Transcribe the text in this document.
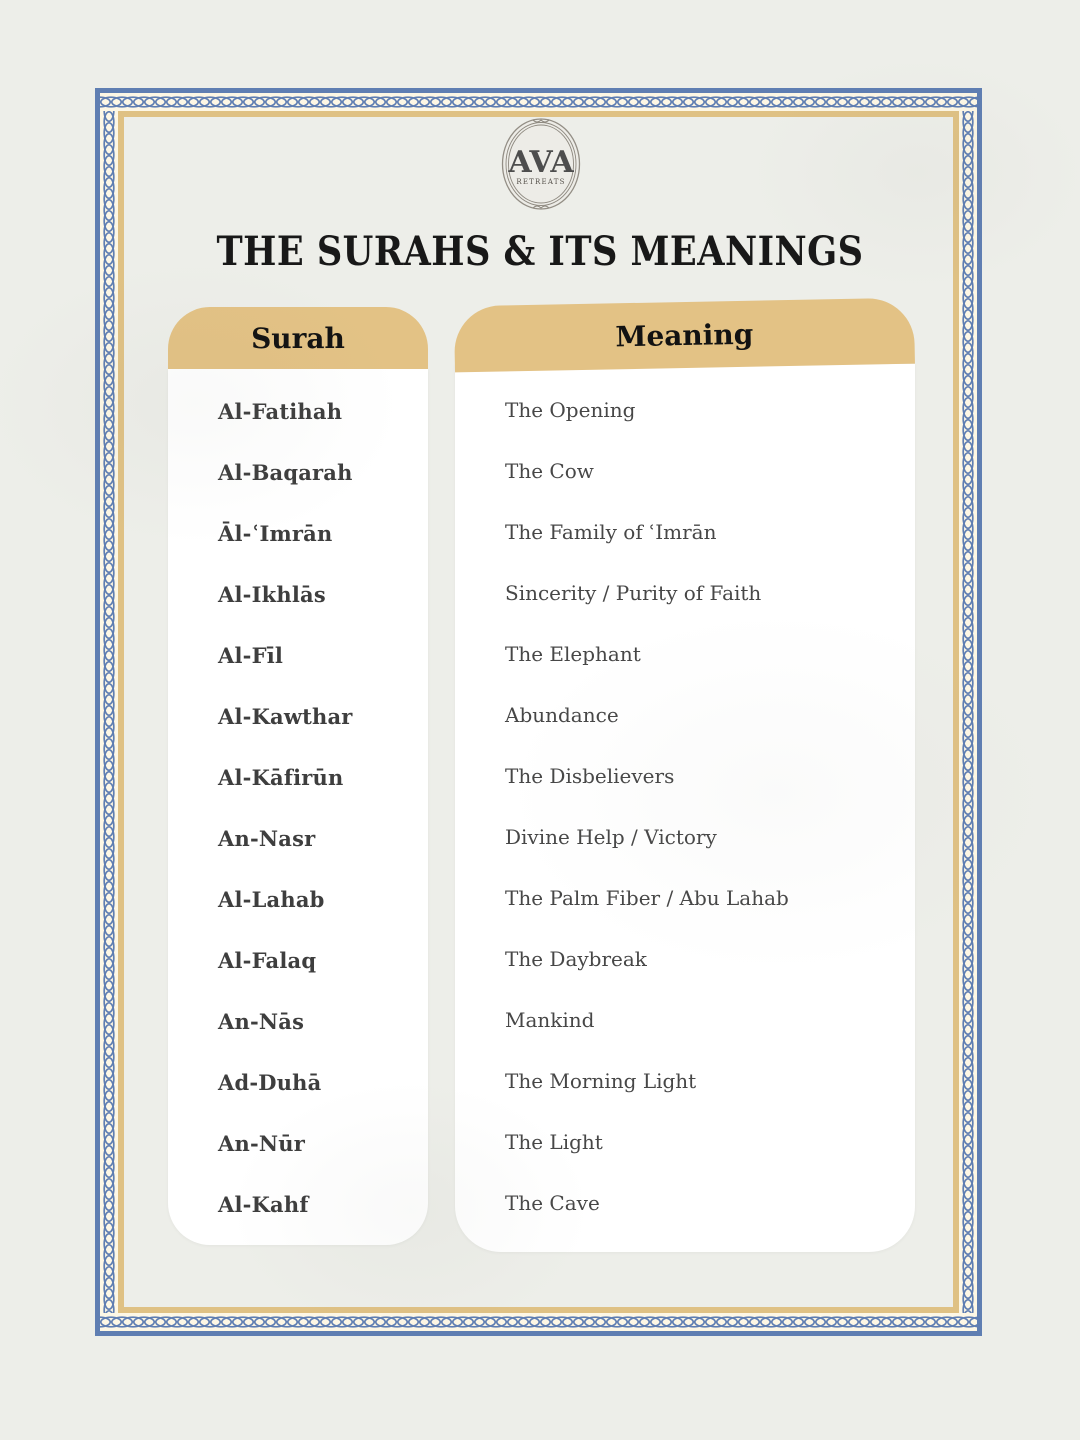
AVA
RETREATS
THE SURAHS & ITS MEANINGS
Surah
Al-Fatihah
Al-Baqarah
Āl-ʿImrān
Al-Ikhlās
Al-Fīl
Al-Kawthar
Al-Kāfirūn
An-Nasr
Al-Lahab
Al-Falaq
An-Nās
Ad-Duhā
An-Nūr
Al-Kahf
Meaning
The Opening
The Cow
The Family of ʿImrān
Sincerity / Purity of Faith
The Elephant
Abundance
The Disbelievers
Divine Help / Victory
The Palm Fiber / Abu Lahab
The Daybreak
Mankind
The Morning Light
The Light
The Cave
